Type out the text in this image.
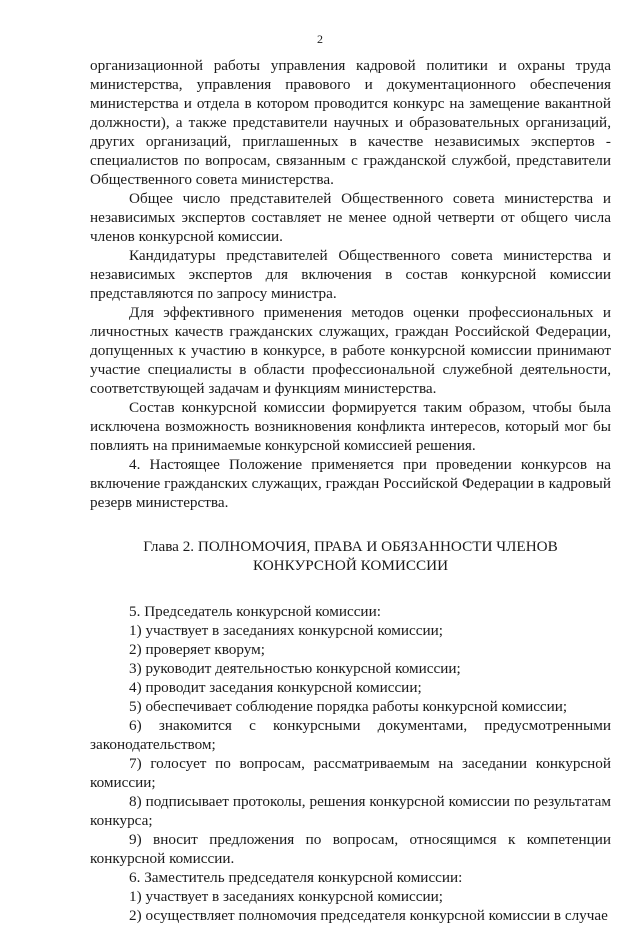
2

организационной работы управления кадровой политики и охраны труда министерства, управления правового и документационного обеспечения министерства и отдела в котором проводится конкурс на замещение вакантной должности), а также представители научных и образовательных организаций, других организаций, приглашенных в качестве независимых экспертов - специалистов по вопросам, связанным с гражданской службой, представители Общественного совета министерства.

Общее число представителей Общественного совета министерства и независимых экспертов составляет не менее одной четверти от общего числа членов конкурсной комиссии.

Кандидатуры представителей Общественного совета министерства и независимых экспертов для включения в состав конкурсной комиссии представляются по запросу министра.

Для эффективного применения методов оценки профессиональных и личностных качеств гражданских служащих, граждан Российской Федерации, допущенных к участию в конкурсе, в работе конкурсной комиссии принимают участие специалисты в области профессиональной служебной деятельности, соответствующей задачам и функциям министерства.

Состав конкурсной комиссии формируется таким образом, чтобы была исключена возможность возникновения конфликта интересов, который мог бы повлиять на принимаемые конкурсной комиссией решения.

4. Настоящее Положение применяется при проведении конкурсов на включение гражданских служащих, граждан Российской Федерации в кадровый резерв министерства.

Глава 2. ПОЛНОМОЧИЯ, ПРАВА И ОБЯЗАННОСТИ ЧЛЕНОВ
КОНКУРСНОЙ КОМИССИИ

5. Председатель конкурсной комиссии:

1) участвует в заседаниях конкурсной комиссии;

2) проверяет кворум;

3) руководит деятельностью конкурсной комиссии;

4) проводит заседания конкурсной комиссии;

5) обеспечивает соблюдение порядка работы конкурсной комиссии;

6) знакомится с конкурсными документами, предусмотренными законодательством;

7) голосует по вопросам, рассматриваемым на заседании конкурсной комиссии;

8) подписывает протоколы, решения конкурсной комиссии по результатам конкурса;

9) вносит предложения по вопросам, относящимся к компетенции конкурсной комиссии.

6. Заместитель председателя конкурсной комиссии:

1) участвует в заседаниях конкурсной комиссии;

2) осуществляет полномочия председателя конкурсной комиссии в случае
